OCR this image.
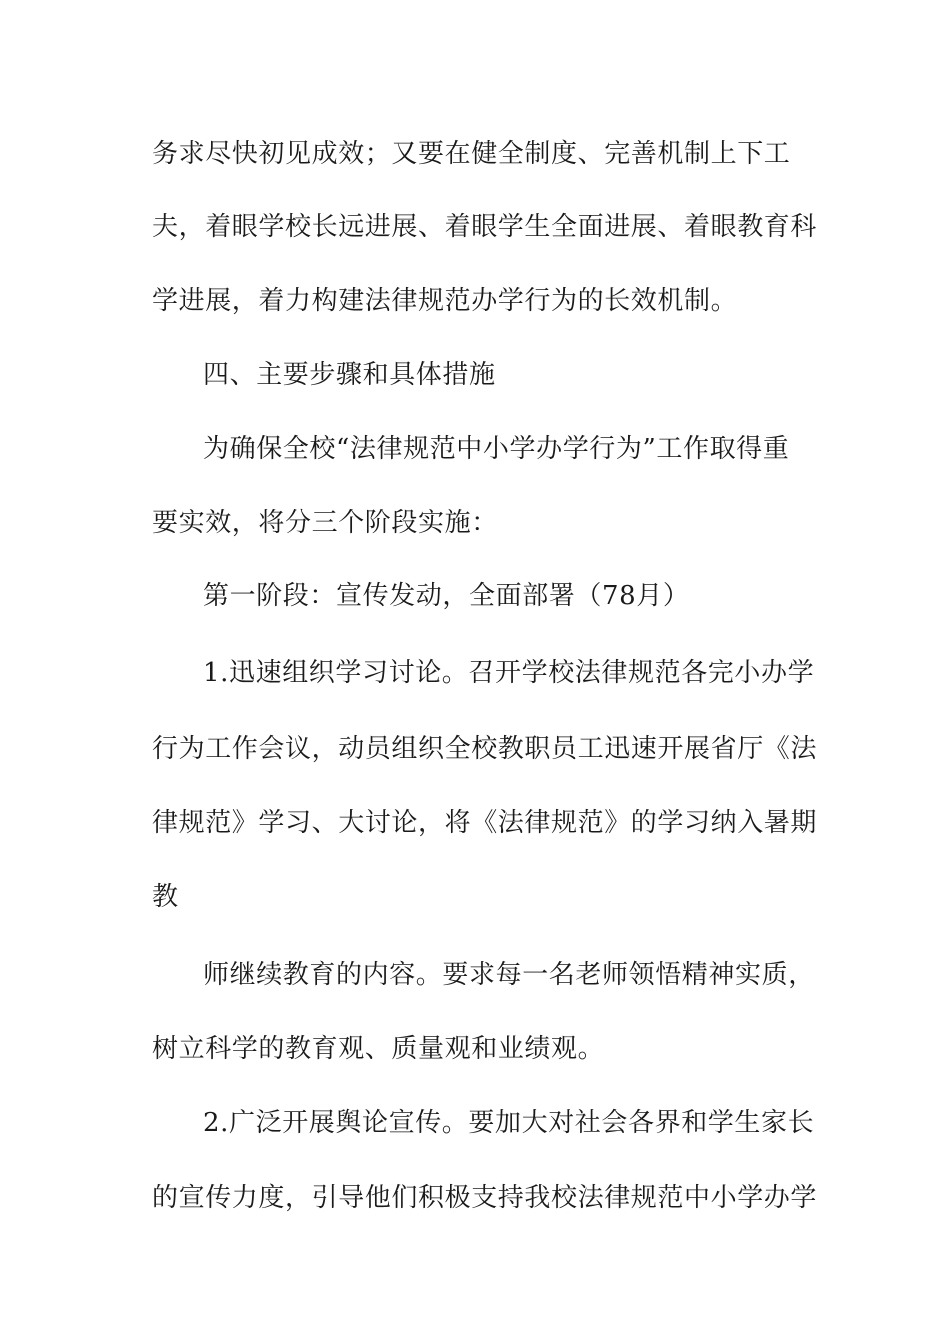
务求尽快初见成效；又要在健全制度、完善机制上下工
夫，着眼学校长远进展、着眼学生全面进展、着眼教育科
学进展，着力构建法律规范办学行为的长效机制。
四、主要步骤和具体措施
为确保全校“法律规范中小学办学行为”工作取得重
要实效，将分三个阶段实施：
第一阶段：宣传发动，全面部署（78月）
1.迅速组织学习讨论。召开学校法律规范各完小办学
行为工作会议，动员组织全校教职员工迅速开展省厅《法
律规范》学习、大讨论，将《法律规范》的学习纳入暑期
教
师继续教育的内容。要求每一名老师领悟精神实质，
树立科学的教育观、质量观和业绩观。
2.广泛开展舆论宣传。要加大对社会各界和学生家长
的宣传力度，引导他们积极支持我校法律规范中小学办学
